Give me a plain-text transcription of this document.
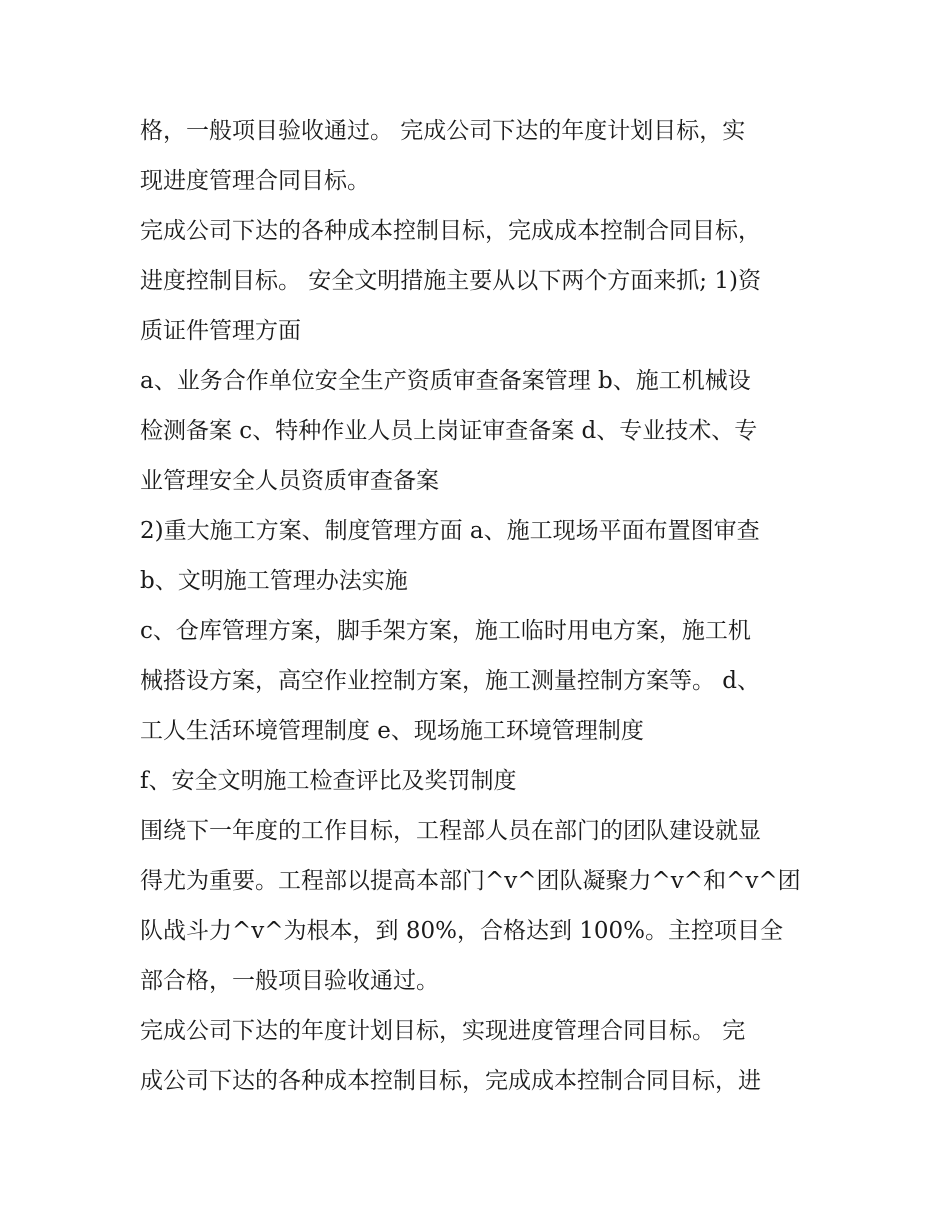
格，一般项目验收通过。 完成公司下达的年度计划目标，实
现进度管理合同目标。
完成公司下达的各种成本控制目标，完成成本控制合同目标，
进度控制目标。 安全文明措施主要从以下两个方面来抓; 1)资
质证件管理方面
a、业务合作单位安全生产资质审查备案管理 b、施工机械设
检测备案 c、特种作业人员上岗证审查备案 d、专业技术、专
业管理安全人员资质审查备案
2)重大施工方案、制度管理方面 a、施工现场平面布置图审查
b、文明施工管理办法实施
c、仓库管理方案，脚手架方案，施工临时用电方案，施工机
械搭设方案，高空作业控制方案，施工测量控制方案等。 d、
工人生活环境管理制度 e、现场施工环境管理制度
f、安全文明施工检查评比及奖罚制度
围绕下一年度的工作目标，工程部人员在部门的团队建设就显
得尤为重要。工程部以提高本部门^v^团队凝聚力^v^和^v^团
队战斗力^v^为根本，到 80%，合格达到 100%。主控项目全
部合格，一般项目验收通过。
完成公司下达的年度计划目标，实现进度管理合同目标。 完
成公司下达的各种成本控制目标，完成成本控制合同目标，进
